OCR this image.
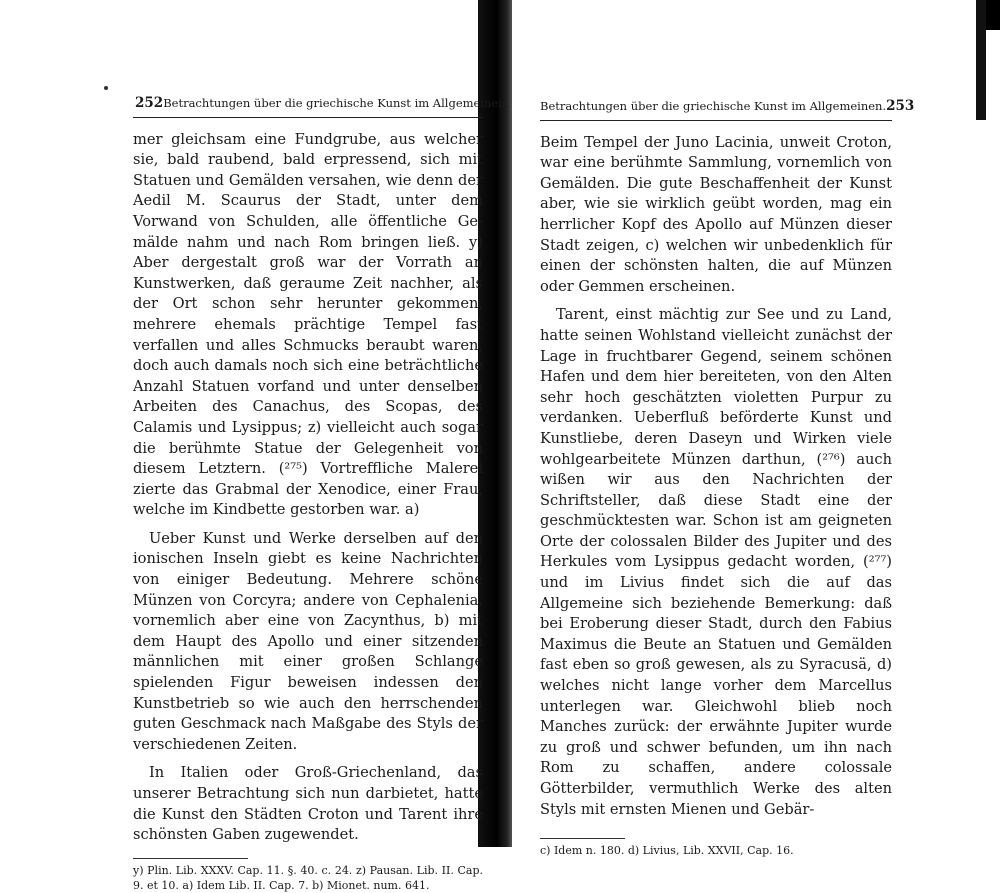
252 Betrachtungen über die griechische Kunst im Allgemeinen.

mer gleichsam eine Fundgrube, aus welcher sie, bald raubend, bald erpressend, sich mit Statuen und Gemälden versahen, wie denn der Aedil M. Scaurus der Stadt, unter dem Vorwand von Schulden, alle öffentliche Gemälde nahm und nach Rom bringen ließ. y) Aber dergestalt groß war der Vorrath an Kunstwerken, daß geraume Zeit nachher, als der Ort schon sehr herunter gekommen, mehrere ehemals prächtige Tempel fast verfallen und alles Schmucks beraubt waren, doch auch damals noch sich eine beträchtliche Anzahl Statuen vorfand und unter denselben Arbeiten des Canachus, des Scopas, des Calamis und Lysippus; z) vielleicht auch sogar die berühmte Statue der Gelegenheit von diesem Letztern. (²⁷⁵) Vortreffliche Malerei zierte das Grabmal der Xenodice, einer Frau, welche im Kindbette gestorben war. a)

Ueber Kunst und Werke derselben auf den ionischen Inseln giebt es keine Nachrichten von einiger Bedeutung. Mehrere schöne Münzen von Corcyra; andere von Cephalenia, vornemlich aber eine von Zacynthus, b) mit dem Haupt des Apollo und einer sitzenden männlichen mit einer großen Schlange spielenden Figur beweisen indessen den Kunstbetrieb so wie auch den herrschenden guten Geschmack nach Maßgabe des Styls der verschiedenen Zeiten.

In Italien oder Groß-Griechenland, das unserer Betrachtung sich nun darbietet, hatte die Kunst den Städten Croton und Tarent ihre schönsten Gaben zugewendet.

y) Plin. Lib. XXXV. Cap. 11. §. 40. c. 24. z) Pausan. Lib. II. Cap. 9. et 10. a) Idem Lib. II. Cap. 7. b) Mionet. num. 641.
Betrachtungen über die griechische Kunst im Allgemeinen. 253

Beim Tempel der Juno Lacinia, unweit Croton, war eine berühmte Sammlung, vornemlich von Gemälden. Die gute Beschaffenheit der Kunst aber, wie sie wirklich geübt worden, mag ein herrlicher Kopf des Apollo auf Münzen dieser Stadt zeigen, c) welchen wir unbedenklich für einen der schönsten halten, die auf Münzen oder Gemmen erscheinen.

Tarent, einst mächtig zur See und zu Land, hatte seinen Wohlstand vielleicht zunächst der Lage in fruchtbarer Gegend, seinem schönen Hafen und dem hier bereiteten, von den Alten sehr hoch geschätzten violetten Purpur zu verdanken. Ueberfluß beförderte Kunst und Kunstliebe, deren Daseyn und Wirken viele wohlgearbeitete Münzen darthun, (²⁷⁶) auch wißen wir aus den Nachrichten der Schriftsteller, daß diese Stadt eine der geschmücktesten war. Schon ist am geigneten Orte der colossalen Bilder des Jupiter und des Herkules vom Lysippus gedacht worden, (²⁷⁷) und im Livius findet sich die auf das Allgemeine sich beziehende Bemerkung: daß bei Eroberung dieser Stadt, durch den Fabius Maximus die Beute an Statuen und Gemälden fast eben so groß gewesen, als zu Syracusä, d) welches nicht lange vorher dem Marcellus unterlegen war. Gleichwohl blieb noch Manches zurück: der erwähnte Jupiter wurde zu groß und schwer befunden, um ihn nach Rom zu schaffen, andere colossale Götterbilder, vermuthlich Werke des alten Styls mit ernsten Mienen und Gebär-

c) Idem n. 180. d) Livius, Lib. XXVII, Cap. 16.
